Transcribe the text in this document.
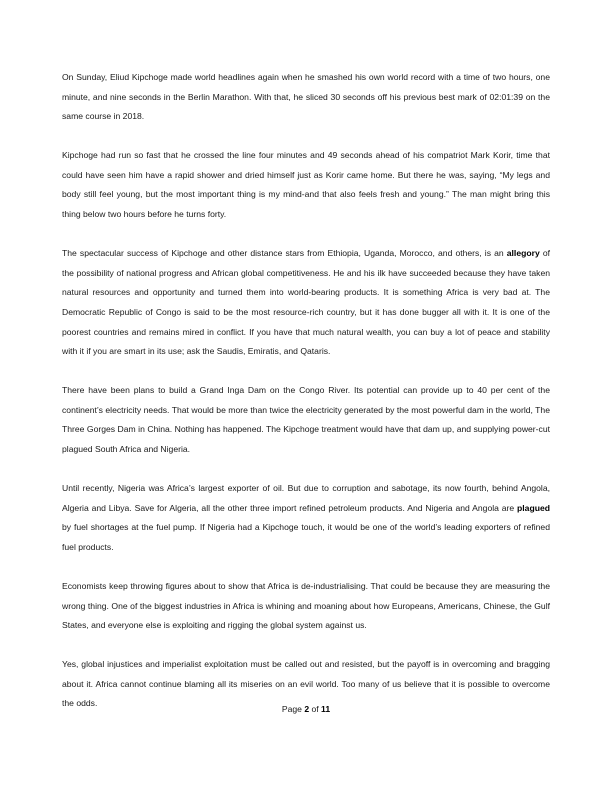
On Sunday, Eliud Kipchoge made world headlines again when he smashed his own world record with a time of two hours, one minute, and nine seconds in the Berlin Marathon. With that, he sliced 30 seconds off his previous best mark of 02:01:39 on the same course in 2018.

Kipchoge had run so fast that he crossed the line four minutes and 49 seconds ahead of his compatriot Mark Korir, time that could have seen him have a rapid shower and dried himself just as Korir came home. But there he was, saying, “My legs and body still feel young, but the most important thing is my mind-and that also feels fresh and young.” The man might bring this thing below two hours before he turns forty.

The spectacular success of Kipchoge and other distance stars from Ethiopia, Uganda, Morocco, and others, is an allegory of the possibility of national progress and African global competitiveness. He and his ilk have succeeded because they have taken natural resources and opportunity and turned them into world-bearing products. It is something Africa is very bad at. The Democratic Republic of Congo is said to be the most resource-rich country, but it has done bugger all with it. It is one of the poorest countries and remains mired in conflict. If you have that much natural wealth, you can buy a lot of peace and stability with it if you are smart in its use; ask the Saudis, Emiratis, and Qataris.

There have been plans to build a Grand Inga Dam on the Congo River. Its potential can provide up to 40 per cent of the continent’s electricity needs. That would be more than twice the electricity generated by the most powerful dam in the world, The Three Gorges Dam in China. Nothing has happened. The Kipchoge treatment would have that dam up, and supplying power-cut plagued South Africa and Nigeria.

Until recently, Nigeria was Africa’s largest exporter of oil. But due to corruption and sabotage, its now fourth, behind Angola, Algeria and Libya. Save for Algeria, all the other three import refined petroleum products. And Nigeria and Angola are plagued by fuel shortages at the fuel pump. If Nigeria had a Kipchoge touch, it would be one of the world’s leading exporters of refined fuel products.

Economists keep throwing figures about to show that Africa is de-industrialising. That could be because they are measuring the wrong thing. One of the biggest industries in Africa is whining and moaning about how Europeans, Americans, Chinese, the Gulf States, and everyone else is exploiting and rigging the global system against us.

Yes, global injustices and imperialist exploitation must be called out and resisted, but the payoff is in overcoming and bragging about it. Africa cannot continue blaming all its miseries on an evil world. Too many of us believe that it is possible to overcome the odds.

Page 2 of 11
